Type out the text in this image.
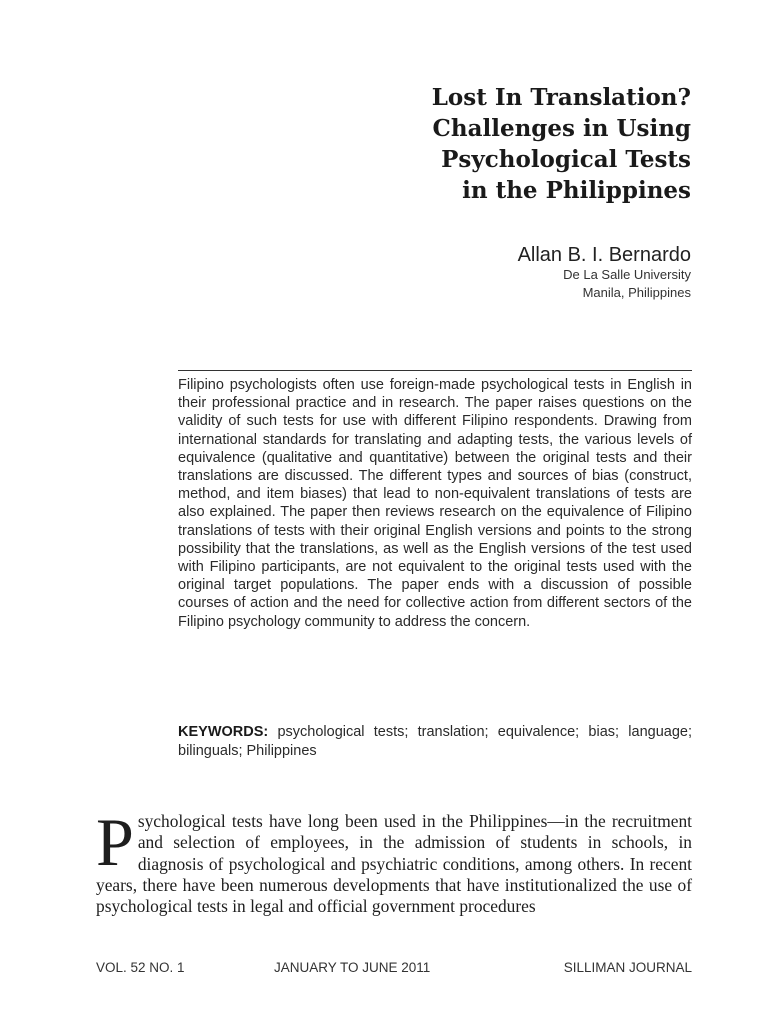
Lost In Translation?
Challenges in Using
Psychological Tests
in the Philippines
Allan B. I. Bernardo
De La Salle University
Manila, Philippines

Filipino psychologists often use foreign-made psychological tests in English in their professional practice and in research. The paper raises questions on the validity of such tests for use with different Filipino respondents. Drawing from international standards for translating and adapting tests, the various levels of equivalence (qualitative and quantitative) between the original tests and their translations are discussed. The different types and sources of bias (construct, method, and item biases) that lead to non-equivalent translations of tests are also explained. The paper then reviews research on the equivalence of Filipino translations of tests with their original English versions and points to the strong possibility that the translations, as well as the English versions of the test used with Filipino participants, are not equivalent to the original tests used with the original target populations. The paper ends with a discussion of possible courses of action and the need for collective action from different sectors of the Filipino psychology community to address the concern.

KEYWORDS: psychological tests; translation; equivalence; bias; language; bilinguals; Philippines

Psychological tests have long been used in the Philippines—in the recruitment and selection of employees, in the admission of students in schools, in diagnosis of psychological and psychiatric conditions, among others. In recent years, there have been numerous developments that have institutionalized the use of psychological tests in legal and official government procedures

VOL. 52 NO. 1	JANUARY TO JUNE 2011	SILLIMAN JOURNAL
